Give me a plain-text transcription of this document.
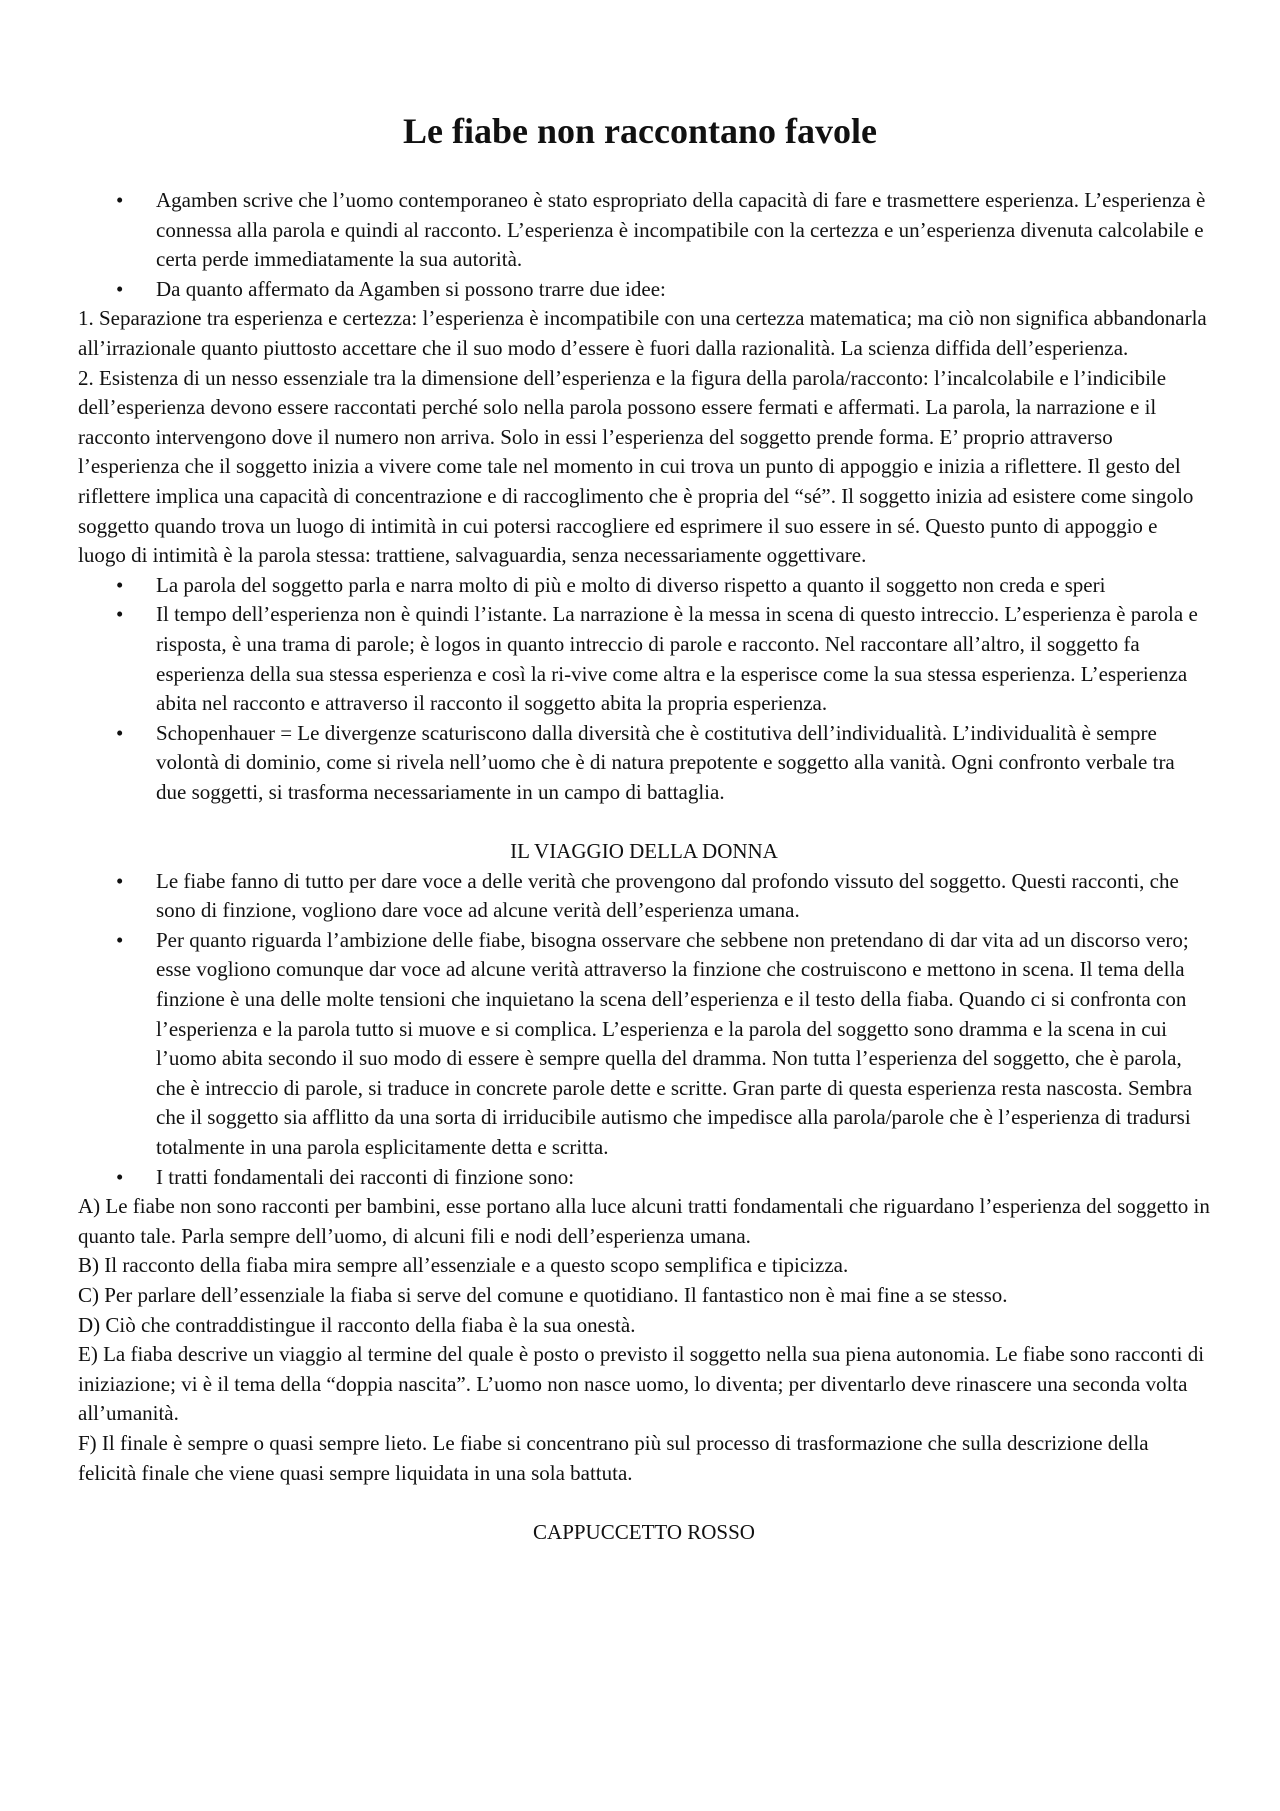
Le fiabe non raccontano favole
• Agamben scrive che l’uomo contemporaneo è stato espropriato della capacità di fare e trasmettere esperienza. L’esperienza è connessa alla parola e quindi al racconto. L’esperienza è incompatibile con la certezza e un’esperienza divenuta calcolabile e certa perde immediatamente la sua autorità.
• Da quanto affermato da Agamben si possono trarre due idee:

1. Separazione tra esperienza e certezza: l’esperienza è incompatibile con una certezza matematica; ma ciò non significa abbandonarla all’irrazionale quanto piuttosto accettare che il suo modo d’essere è fuori dalla razionalità. La scienza diffida dell’esperienza.

2. Esistenza di un nesso essenziale tra la dimensione dell’esperienza e la figura della parola/racconto: l’incalcolabile e l’indicibile dell’esperienza devono essere raccontati perché solo nella parola possono essere fermati e affermati. La parola, la narrazione e il racconto intervengono dove il numero non arriva. Solo in essi l’esperienza del soggetto prende forma. E’ proprio attraverso l’esperienza che il soggetto inizia a vivere come tale nel momento in cui trova un punto di appoggio e inizia a riflettere. Il gesto del riflettere implica una capacità di concentrazione e di raccoglimento che è propria del “sé”. Il soggetto inizia ad esistere come singolo soggetto quando trova un luogo di intimità in cui potersi raccogliere ed esprimere il suo essere in sé. Questo punto di appoggio e luogo di intimità è la parola stessa: trattiene, salvaguardia, senza necessariamente oggettivare.

• La parola del soggetto parla e narra molto di più e molto di diverso rispetto a quanto il soggetto non creda e speri
• Il tempo dell’esperienza non è quindi l’istante. La narrazione è la messa in scena di questo intreccio. L’esperienza è parola e risposta, è una trama di parole; è logos in quanto intreccio di parole e racconto. Nel raccontare all’altro, il soggetto fa esperienza della sua stessa esperienza e così la ri-vive come altra e la esperisce come la sua stessa esperienza. L’esperienza abita nel racconto e attraverso il racconto il soggetto abita la propria esperienza.
• Schopenhauer = Le divergenze scaturiscono dalla diversità che è costitutiva dell’individualità. L’individualità è sempre volontà di dominio, come si rivela nell’uomo che è di natura prepotente e soggetto alla vanità. Ogni confronto verbale tra due soggetti, si trasforma necessariamente in un campo di battaglia.

IL VIAGGIO DELLA DONNA

• Le fiabe fanno di tutto per dare voce a delle verità che provengono dal profondo vissuto del soggetto. Questi racconti, che sono di finzione, vogliono dare voce ad alcune verità dell’esperienza umana.
• Per quanto riguarda l’ambizione delle fiabe, bisogna osservare che sebbene non pretendano di dar vita ad un discorso vero; esse vogliono comunque dar voce ad alcune verità attraverso la finzione che costruiscono e mettono in scena. Il tema della finzione è una delle molte tensioni che inquietano la scena dell’esperienza e il testo della fiaba. Quando ci si confronta con l’esperienza e la parola tutto si muove e si complica. L’esperienza e la parola del soggetto sono dramma e la scena in cui l’uomo abita secondo il suo modo di essere è sempre quella del dramma. Non tutta l’esperienza del soggetto, che è parola, che è intreccio di parole, si traduce in concrete parole dette e scritte. Gran parte di questa esperienza resta nascosta. Sembra che il soggetto sia afflitto da una sorta di irriducibile autismo che impedisce alla parola/parole che è l’esperienza di tradursi totalmente in una parola esplicitamente detta e scritta.
• I tratti fondamentali dei racconti di finzione sono:

A) Le fiabe non sono racconti per bambini, esse portano alla luce alcuni tratti fondamentali che riguardano l’esperienza del soggetto in quanto tale. Parla sempre dell’uomo, di alcuni fili e nodi dell’esperienza umana.

B) Il racconto della fiaba mira sempre all’essenziale e a questo scopo semplifica e tipicizza.

C) Per parlare dell’essenziale la fiaba si serve del comune e quotidiano. Il fantastico non è mai fine a se stesso.

D) Ciò che contraddistingue il racconto della fiaba è la sua onestà.

E) La fiaba descrive un viaggio al termine del quale è posto o previsto il soggetto nella sua piena autonomia. Le fiabe sono racconti di iniziazione; vi è il tema della “doppia nascita”. L’uomo non nasce uomo, lo diventa; per diventarlo deve rinascere una seconda volta all’umanità.

F) Il finale è sempre o quasi sempre lieto. Le fiabe si concentrano più sul processo di trasformazione che sulla descrizione della felicità finale che viene quasi sempre liquidata in una sola battuta.

CAPPUCCETTO ROSSO
